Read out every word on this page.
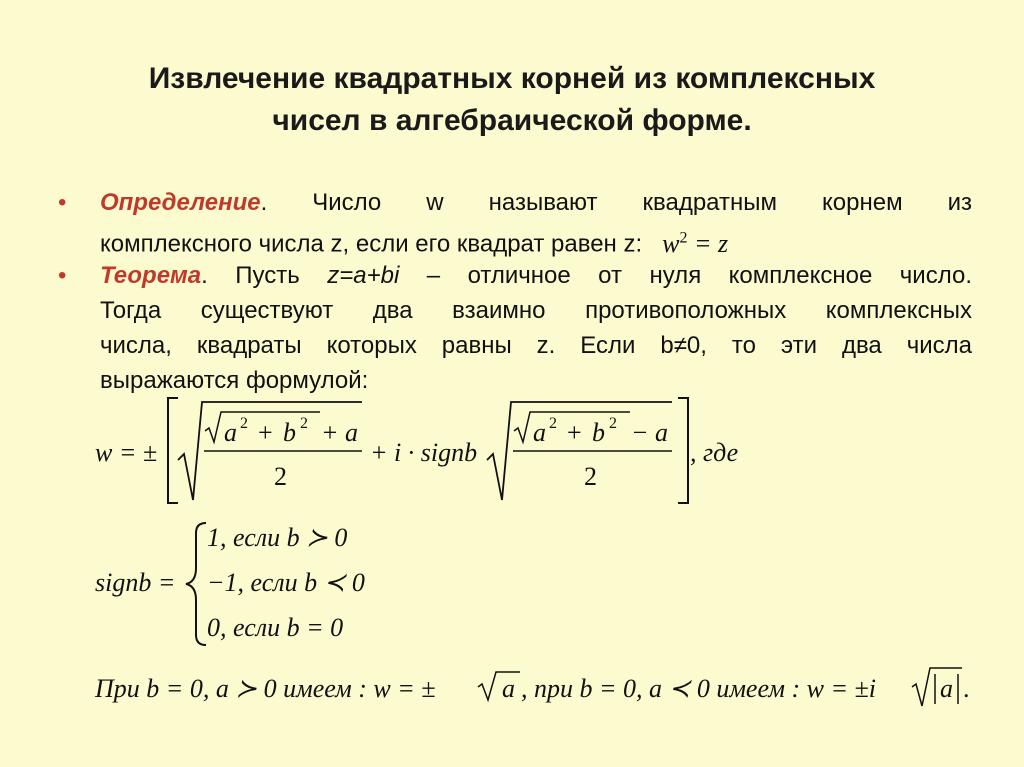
Извлечение квадратных корней из комплексных
чисел в алгебраической форме.
• Определение. Число w называют квадратным корнем из
комплексного числа z, если его квадрат равен z: $w^2 = z$
• Теорема. Пусть z=a+bi – отличное от нуля комплексное число.
Тогда существуют два взаимно противоположных комплексных
числа, квадраты которых равны z. Если b≠0, то эти два числа
выражаются формулой:
w = ±
a 2 + b 2 + a
2
+ i · signb
a 2 + b 2 − a
2
, где
signb =
1, если b ≻ 0
−1, если b ≺ 0
0, если b = 0
При b = 0, a ≻ 0 имеем : w = ±	a , при b = 0, a ≺ 0 имеем : w = ±i a .
